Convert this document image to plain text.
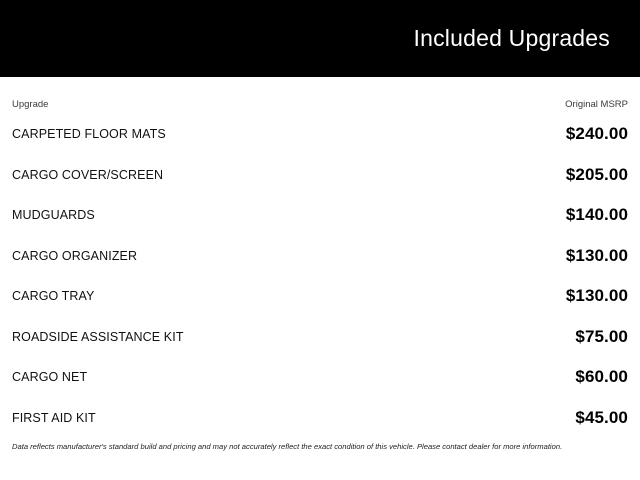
Included Upgrades
Upgrade	Original MSRP
CARPETED FLOOR MATS	$240.00
CARGO COVER/SCREEN	$205.00
MUDGUARDS	$140.00
CARGO ORGANIZER	$130.00
CARGO TRAY	$130.00
ROADSIDE ASSISTANCE KIT	$75.00
CARGO NET	$60.00
FIRST AID KIT	$45.00
Data reflects manufacturer's standard build and pricing and may not accurately reflect the exact condition of this vehicle. Please contact dealer for more information.
